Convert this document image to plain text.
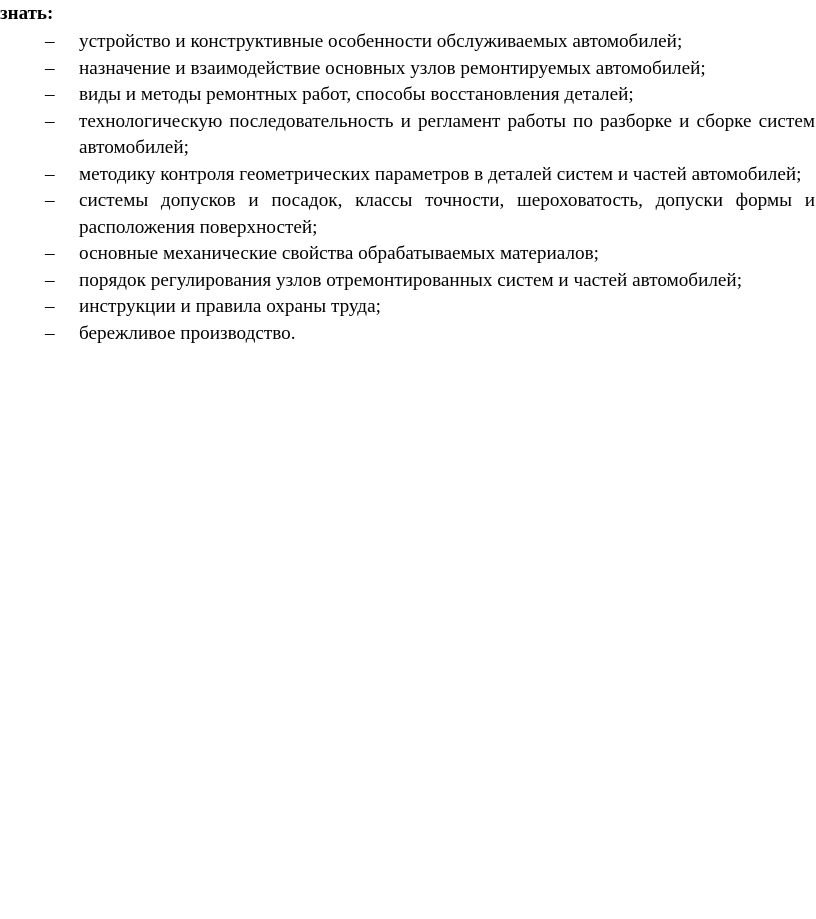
знать:

– устройство и конструктивные особенности обслуживаемых автомобилей;
– назначение и взаимодействие основных узлов ремонтируемых автомобилей;
– виды и методы ремонтных работ, способы восстановления деталей;
– технологическую последовательность и регламент работы по разборке и сборке систем автомобилей;
– методику контроля геометрических параметров в деталей систем и частей автомобилей;
– системы допусков и посадок, классы точности, шероховатость, допуски формы и расположения поверхностей;
– основные механические свойства обрабатываемых материалов;
– порядок регулирования узлов отремонтированных систем и частей автомобилей;
– инструкции и правила охраны труда;
– бережливое производство.
